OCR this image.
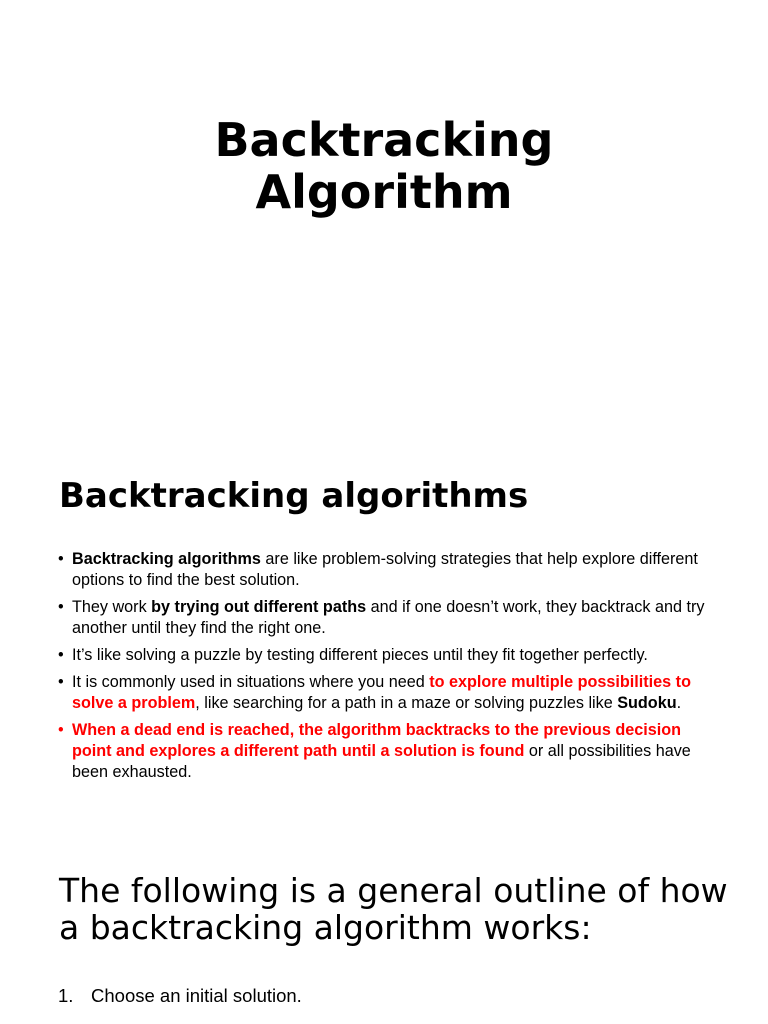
Backtracking
Algorithm
Backtracking algorithms
• Backtracking algorithms are like problem-solving strategies that help explore different options to find the best solution.
• They work by trying out different paths and if one doesn’t work, they backtrack and try another until they find the right one.
• It’s like solving a puzzle by testing different pieces until they fit together perfectly.
• It is commonly used in situations where you need to explore multiple possibilities to solve a problem, like searching for a path in a maze or solving puzzles like Sudoku.
• When a dead end is reached, the algorithm backtracks to the previous decision point and explores a different path until a solution is found or all possibilities have been exhausted.
The following is a general outline of how a backtracking algorithm works:
1. Choose an initial solution.
